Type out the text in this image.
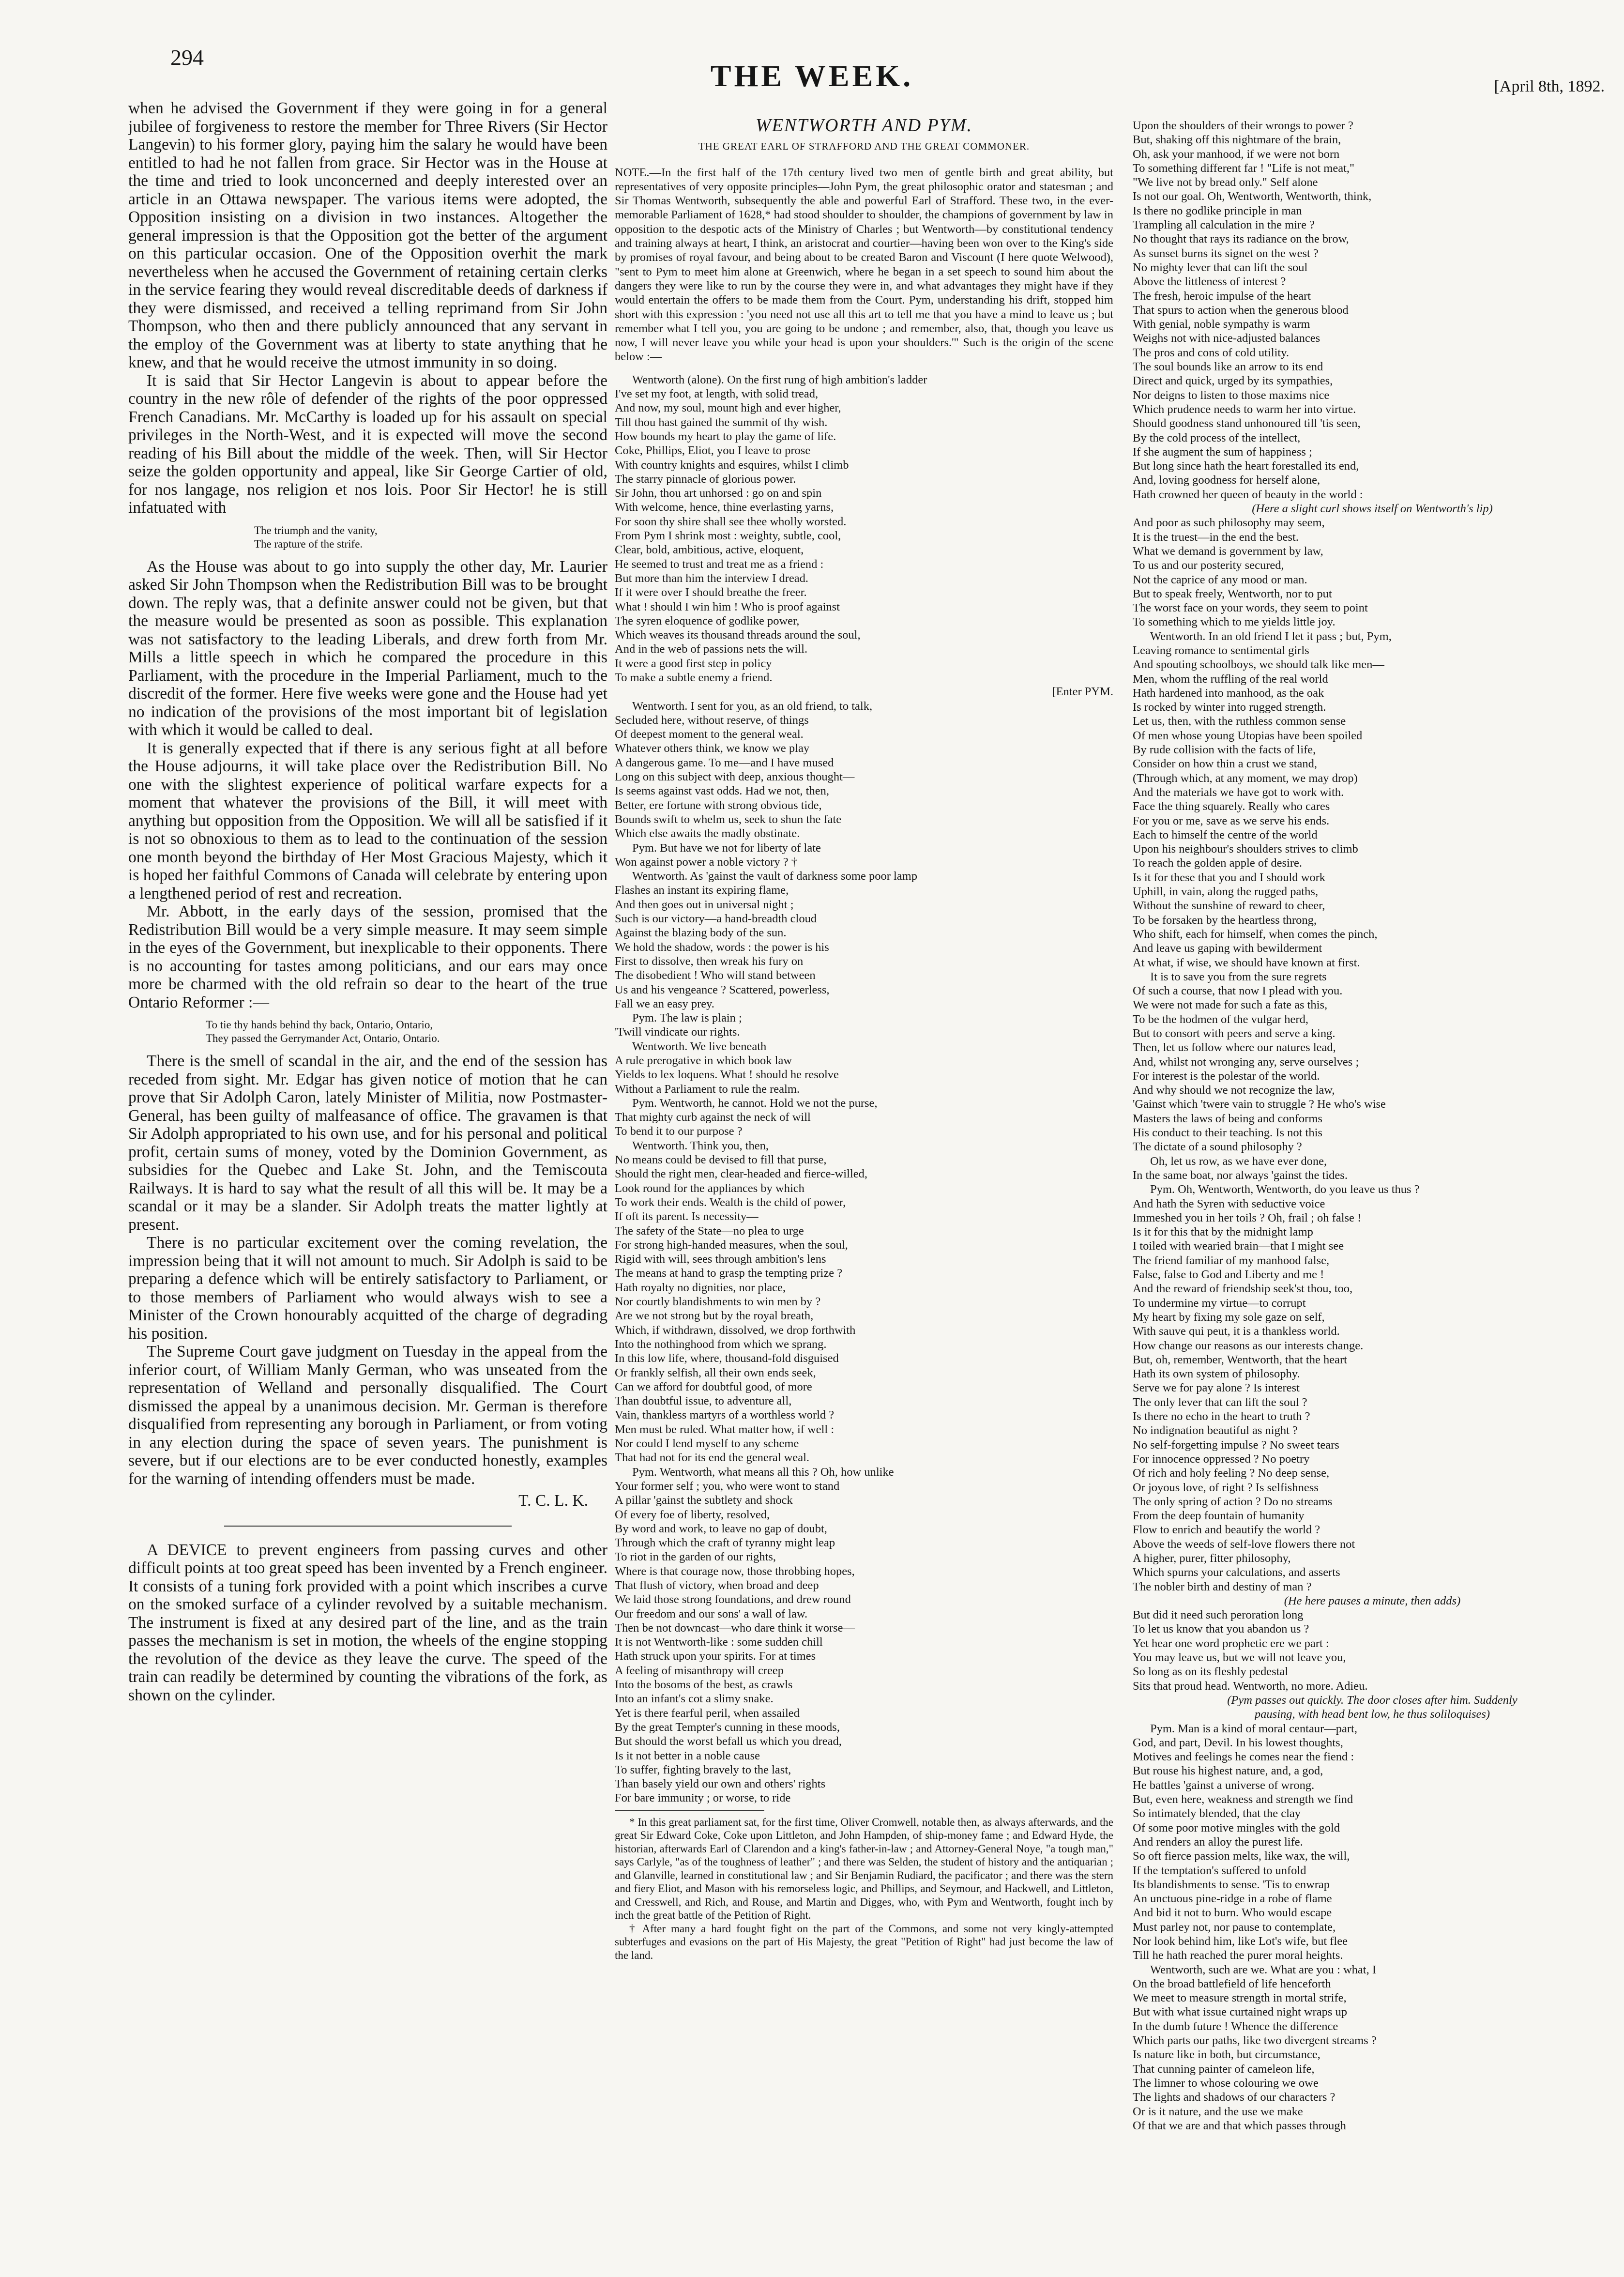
294
THE WEEK.	[April 8th, 1892.

when he advised the Government if they were going in for a general jubilee of forgiveness to restore the member for Three Rivers (Sir Hector Langevin) to his former glory, paying him the salary he would have been entitled to had he not fallen from grace. Sir Hector was in the House at the time and tried to look unconcerned and deeply interested over an article in an Ottawa newspaper. The various items were adopted, the Opposition insisting on a division in two instances. Altogether the general impression is that the Opposition got the better of the argument on this particular occasion. One of the Opposition overhit the mark nevertheless when he accused the Government of retaining certain clerks in the service fearing they would reveal discreditable deeds of darkness if they were dismissed, and received a telling reprimand from Sir John Thompson, who then and there publicly announced that any servant in the employ of the Government was at liberty to state anything that he knew, and that he would receive the utmost immunity in so doing.

It is said that Sir Hector Langevin is about to appear before the country in the new rôle of defender of the rights of the poor oppressed French Canadians. Mr. McCarthy is loaded up for his assault on special privileges in the North-West, and it is expected will move the second reading of his Bill about the middle of the week. Then, will Sir Hector seize the golden opportunity and appeal, like Sir George Cartier of old, for nos langage, nos religion et nos lois. Poor Sir Hector! he is still infatuated with

The triumph and the vanity,
The rapture of the strife.

As the House was about to go into supply the other day, Mr. Laurier asked Sir John Thompson when the Redistribution Bill was to be brought down. The reply was, that a definite answer could not be given, but that the measure would be presented as soon as possible. This explanation was not satisfactory to the leading Liberals, and drew forth from Mr. Mills a little speech in which he compared the procedure in this Parliament, with the procedure in the Imperial Parliament, much to the discredit of the former. Here five weeks were gone and the House had yet no indication of the provisions of the most important bit of legislation with which it would be called to deal.

It is generally expected that if there is any serious fight at all before the House adjourns, it will take place over the Redistribution Bill. No one with the slightest experience of political warfare expects for a moment that whatever the provisions of the Bill, it will meet with anything but opposition from the Opposition. We will all be satisfied if it is not so obnoxious to them as to lead to the continuation of the session one month beyond the birthday of Her Most Gracious Majesty, which it is hoped her faithful Commons of Canada will celebrate by entering upon a lengthened period of rest and recreation.

Mr. Abbott, in the early days of the session, promised that the Redistribution Bill would be a very simple measure. It may seem simple in the eyes of the Government, but inexplicable to their opponents. There is no accounting for tastes among politicians, and our ears may once more be charmed with the old refrain so dear to the heart of the true Ontario Reformer :—

To tie thy hands behind thy back, Ontario, Ontario,
They passed the Gerrymander Act, Ontario, Ontario.

There is the smell of scandal in the air, and the end of the session has receded from sight. Mr. Edgar has given notice of motion that he can prove that Sir Adolph Caron, lately Minister of Militia, now Postmaster-General, has been guilty of malfeasance of office. The gravamen is that Sir Adolph appropriated to his own use, and for his personal and political profit, certain sums of money, voted by the Dominion Government, as subsidies for the Quebec and Lake St. John, and the Temiscouta Railways. It is hard to say what the result of all this will be. It may be a scandal or it may be a slander. Sir Adolph treats the matter lightly at present.

There is no particular excitement over the coming revelation, the impression being that it will not amount to much. Sir Adolph is said to be preparing a defence which will be entirely satisfactory to Parliament, or to those members of Parliament who would always wish to see a Minister of the Crown honourably acquitted of the charge of degrading his position.

The Supreme Court gave judgment on Tuesday in the appeal from the inferior court, of William Manly German, who was unseated from the representation of Welland and personally disqualified. The Court dismissed the appeal by a unanimous decision. Mr. German is therefore disqualified from representing any borough in Parliament, or from voting in any election during the space of seven years. The punishment is severe, but if our elections are to be ever conducted honestly, examples for the warning of intending offenders must be made.

T. C. L. K.

A DEVICE to prevent engineers from passing curves and other difficult points at too great speed has been invented by a French engineer. It consists of a tuning fork provided with a point which inscribes a curve on the smoked surface of a cylinder revolved by a suitable mechanism. The instrument is fixed at any desired part of the line, and as the train passes the mechanism is set in motion, the wheels of the engine stopping the revolution of the device as they leave the curve. The speed of the train can readily be determined by counting the vibrations of the fork, as shown on the cylinder.

WENTWORTH AND PYM.
THE GREAT EARL OF STRAFFORD AND THE GREAT COMMONER.
NOTE.—In the first half of the 17th century lived two men of gentle birth and great ability, but representatives of very opposite principles—John Pym, the great philosophic orator and statesman ; and Sir Thomas Wentworth, subsequently the able and powerful Earl of Strafford. These two, in the ever-memorable Parliament of 1628,* had stood shoulder to shoulder, the champions of government by law in opposition to the despotic acts of the Ministry of Charles ; but Wentworth—by constitutional tendency and training always at heart, I think, an aristocrat and courtier—having been won over to the King's side by promises of royal favour, and being about to be created Baron and Viscount (I here quote Welwood), "sent to Pym to meet him alone at Greenwich, where he began in a set speech to sound him about the dangers they were like to run by the course they were in, and what advantages they might have if they would entertain the offers to be made them from the Court. Pym, understanding his drift, stopped him short with this expression : 'you need not use all this art to tell me that you have a mind to leave us ; but remember what I tell you, you are going to be undone ; and remember, also, that, though you leave us now, I will never leave you while your head is upon your shoulders.'" Such is the origin of the scene below :—
Wentworth (alone). On the first rung of high ambition's ladder
I've set my foot, at length, with solid tread,
And now, my soul, mount high and ever higher,
Till thou hast gained the summit of thy wish.
How bounds my heart to play the game of life.
Coke, Phillips, Eliot, you I leave to prose
With country knights and esquires, whilst I climb
The starry pinnacle of glorious power.
Sir John, thou art unhorsed : go on and spin
With welcome, hence, thine everlasting yarns,
For soon thy shire shall see thee wholly worsted.
From Pym I shrink most : weighty, subtle, cool,
Clear, bold, ambitious, active, eloquent,
He seemed to trust and treat me as a friend :
But more than him the interview I dread.
If it were over I should breathe the freer.
What ! should I win him ! Who is proof against
The syren eloquence of godlike power,
Which weaves its thousand threads around the soul,
And in the web of passions nets the will.
It were a good first step in policy
To make a subtle enemy a friend.
[Enter PYM.
Wentworth. I sent for you, as an old friend, to talk,
Secluded here, without reserve, of things
Of deepest moment to the general weal.
Whatever others think, we know we play
A dangerous game. To me—and I have mused
Long on this subject with deep, anxious thought—
Is seems against vast odds. Had we not, then,
Better, ere fortune with strong obvious tide,
Bounds swift to whelm us, seek to shun the fate
Which else awaits the madly obstinate.
Pym. But have we not for liberty of late
Won against power a noble victory ? †
Wentworth. As 'gainst the vault of darkness some poor lamp
Flashes an instant its expiring flame,
And then goes out in universal night ;
Such is our victory—a hand-breadth cloud
Against the blazing body of the sun.
We hold the shadow, words : the power is his
First to dissolve, then wreak his fury on
The disobedient ! Who will stand between
Us and his vengeance ? Scattered, powerless,
Fall we an easy prey.
Pym. The law is plain ;
'Twill vindicate our rights.
Wentworth. We live beneath
A rule prerogative in which book law
Yields to lex loquens. What ! should he resolve
Without a Parliament to rule the realm.
Pym. Wentworth, he cannot. Hold we not the purse,
That mighty curb against the neck of will
To bend it to our purpose ?
Wentworth. Think you, then,
No means could be devised to fill that purse,
Should the right men, clear-headed and fierce-willed,
Look round for the appliances by which
To work their ends. Wealth is the child of power,
If oft its parent. Is necessity—
The safety of the State—no plea to urge
For strong high-handed measures, when the soul,
Rigid with will, sees through ambition's lens
The means at hand to grasp the tempting prize ?
Hath royalty no dignities, nor place,
Nor courtly blandishments to win men by ?
Are we not strong but by the royal breath,
Which, if withdrawn, dissolved, we drop forthwith
Into the nothinghood from which we sprang.
In this low life, where, thousand-fold disguised
Or frankly selfish, all their own ends seek,
Can we afford for doubtful good, of more
Than doubtful issue, to adventure all,
Vain, thankless martyrs of a worthless world ?
Men must be ruled. What matter how, if well :
Nor could I lend myself to any scheme
That had not for its end the general weal.
Pym. Wentworth, what means all this ? Oh, how unlike
Your former self ; you, who were wont to stand
A pillar 'gainst the subtlety and shock
Of every foe of liberty, resolved,
By word and work, to leave no gap of doubt,
Through which the craft of tyranny might leap
To riot in the garden of our rights,
Where is that courage now, those throbbing hopes,
That flush of victory, when broad and deep
We laid those strong foundations, and drew round
Our freedom and our sons' a wall of law.
Then be not downcast—who dare think it worse—
It is not Wentworth-like : some sudden chill
Hath struck upon your spirits. For at times
A feeling of misanthropy will creep
Into the bosoms of the best, as crawls
Into an infant's cot a slimy snake.
Yet is there fearful peril, when assailed
By the great Tempter's cunning in these moods,
But should the worst befall us which you dread,
Is it not better in a noble cause
To suffer, fighting bravely to the last,
Than basely yield our own and others' rights
For bare immunity ; or worse, to ride

* In this great parliament sat, for the first time, Oliver Cromwell, notable then, as always afterwards, and the great Sir Edward Coke, Coke upon Littleton, and John Hampden, of ship-money fame ; and Edward Hyde, the historian, afterwards Earl of Clarendon and a king's father-in-law ; and Attorney-General Noye, "a tough man," says Carlyle, "as of the toughness of leather" ; and there was Selden, the student of history and the antiquarian ; and Glanville, learned in constitutional law ; and Sir Benjamin Rudiard, the pacificator ; and there was the stern and fiery Eliot, and Mason with his remorseless logic, and Phillips, and Seymour, and Hackwell, and Littleton, and Cresswell, and Rich, and Rouse, and Martin and Digges, who, with Pym and Wentworth, fought inch by inch the great battle of the Petition of Right.

† After many a hard fought fight on the part of the Commons, and some not very kingly-attempted subterfuges and evasions on the part of His Majesty, the great "Petition of Right" had just become the law of the land.

Upon the shoulders of their wrongs to power ?
But, shaking off this nightmare of the brain,
Oh, ask your manhood, if we were not born
To something different far ! "Life is not meat,"
"We live not by bread only." Self alone
Is not our goal. Oh, Wentworth, Wentworth, think,
Is there no godlike principle in man
Trampling all calculation in the mire ?
No thought that rays its radiance on the brow,
As sunset burns its signet on the west ?
No mighty lever that can lift the soul
Above the littleness of interest ?
The fresh, heroic impulse of the heart
That spurs to action when the generous blood
With genial, noble sympathy is warm
Weighs not with nice-adjusted balances
The pros and cons of cold utility.
The soul bounds like an arrow to its end
Direct and quick, urged by its sympathies,
Nor deigns to listen to those maxims nice
Which prudence needs to warm her into virtue.
Should goodness stand unhonoured till 'tis seen,
By the cold process of the intellect,
If she augment the sum of happiness ;
But long since hath the heart forestalled its end,
And, loving goodness for herself alone,
Hath crowned her queen of beauty in the world :
(Here a slight curl shows itself on Wentworth's lip)
And poor as such philosophy may seem,
It is the truest—in the end the best.
What we demand is government by law,
To us and our posterity secured,
Not the caprice of any mood or man.
But to speak freely, Wentworth, nor to put
The worst face on your words, they seem to point
To something which to me yields little joy.
Wentworth. In an old friend I let it pass ; but, Pym,
Leaving romance to sentimental girls
And spouting schoolboys, we should talk like men—
Men, whom the ruffling of the real world
Hath hardened into manhood, as the oak
Is rocked by winter into rugged strength.
Let us, then, with the ruthless common sense
Of men whose young Utopias have been spoiled
By rude collision with the facts of life,
Consider on how thin a crust we stand,
(Through which, at any moment, we may drop)
And the materials we have got to work with.
Face the thing squarely. Really who cares
For you or me, save as we serve his ends.
Each to himself the centre of the world
Upon his neighbour's shoulders strives to climb
To reach the golden apple of desire.
Is it for these that you and I should work
Uphill, in vain, along the rugged paths,
Without the sunshine of reward to cheer,
To be forsaken by the heartless throng,
Who shift, each for himself, when comes the pinch,
And leave us gaping with bewilderment
At what, if wise, we should have known at first.
It is to save you from the sure regrets
Of such a course, that now I plead with you.
We were not made for such a fate as this,
To be the hodmen of the vulgar herd,
But to consort with peers and serve a king.
Then, let us follow where our natures lead,
And, whilst not wronging any, serve ourselves ;
For interest is the polestar of the world.
And why should we not recognize the law,
'Gainst which 'twere vain to struggle ? He who's wise
Masters the laws of being and conforms
His conduct to their teaching. Is not this
The dictate of a sound philosophy ?
Oh, let us row, as we have ever done,
In the same boat, nor always 'gainst the tides.
Pym. Oh, Wentworth, Wentworth, do you leave us thus ?
And hath the Syren with seductive voice
Immeshed you in her toils ? Oh, frail ; oh false !
Is it for this that by the midnight lamp
I toiled with wearied brain—that I might see
The friend familiar of my manhood false,
False, false to God and Liberty and me !
And the reward of friendship seek'st thou, too,
To undermine my virtue—to corrupt
My heart by fixing my sole gaze on self,
With sauve qui peut, it is a thankless world.
How change our reasons as our interests change.
But, oh, remember, Wentworth, that the heart
Hath its own system of philosophy.
Serve we for pay alone ? Is interest
The only lever that can lift the soul ?
Is there no echo in the heart to truth ?
No indignation beautiful as night ?
No self-forgetting impulse ? No sweet tears
For innocence oppressed ? No poetry
Of rich and holy feeling ? No deep sense,
Or joyous love, of right ? Is selfishness
The only spring of action ? Do no streams
From the deep fountain of humanity
Flow to enrich and beautify the world ?
Above the weeds of self-love flowers there not
A higher, purer, fitter philosophy,
Which spurns your calculations, and asserts
The nobler birth and destiny of man ?
(He here pauses a minute, then adds)
But did it need such peroration long
To let us know that you abandon us ?
Yet hear one word prophetic ere we part :
You may leave us, but we will not leave you,
So long as on its fleshly pedestal
Sits that proud head. Wentworth, no more. Adieu.
(Pym passes out quickly. The door closes after him. Suddenly
pausing, with head bent low, he thus soliloquises)
Pym. Man is a kind of moral centaur—part,
God, and part, Devil. In his lowest thoughts,
Motives and feelings he comes near the fiend :
But rouse his highest nature, and, a god,
He battles 'gainst a universe of wrong.
But, even here, weakness and strength we find
So intimately blended, that the clay
Of some poor motive mingles with the gold
And renders an alloy the purest life.
So oft fierce passion melts, like wax, the will,
If the temptation's suffered to unfold
Its blandishments to sense. 'Tis to enwrap
An unctuous pine-ridge in a robe of flame
And bid it not to burn. Who would escape
Must parley not, nor pause to contemplate,
Nor look behind him, like Lot's wife, but flee
Till he hath reached the purer moral heights.
Wentworth, such are we. What are you : what, I
On the broad battlefield of life henceforth
We meet to measure strength in mortal strife,
But with what issue curtained night wraps up
In the dumb future ! Whence the difference
Which parts our paths, like two divergent streams ?
Is nature like in both, but circumstance,
That cunning painter of cameleon life,
The limner to whose colouring we owe
The lights and shadows of our characters ?
Or is it nature, and the use we make
Of that we are and that which passes through
